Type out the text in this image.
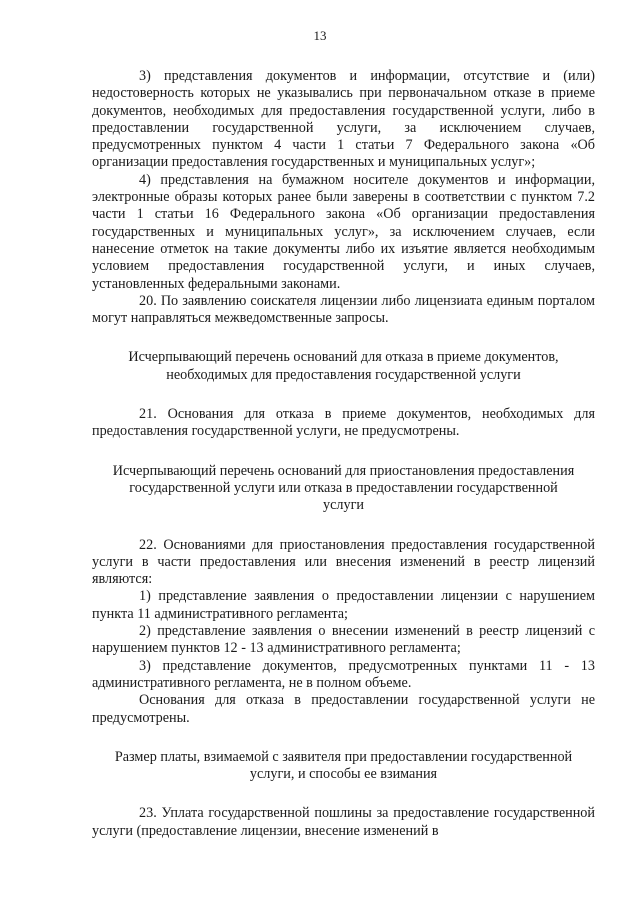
13

3) представления документов и информации, отсутствие и (или) недостоверность которых не указывались при первоначальном отказе в приеме документов, необходимых для предоставления государственной услуги, либо в предоставлении государственной услуги, за исключением случаев, предусмотренных пунктом 4 части 1 статьи 7 Федерального закона «Об организации предоставления государственных и муниципальных услуг»;

4) представления на бумажном носителе документов и информации, электронные образы которых ранее были заверены в соответствии с пунктом 7.2 части 1 статьи 16 Федерального закона «Об организации предоставления государственных и муниципальных услуг», за исключением случаев, если нанесение отметок на такие документы либо их изъятие является необходимым условием предоставления государственной услуги, и иных случаев, установленных федеральными законами.

20. По заявлению соискателя лицензии либо лицензиата единым порталом могут направляться межведомственные запросы.

Исчерпывающий перечень оснований для отказа в приеме документов, необходимых для предоставления государственной услуги

21. Основания для отказа в приеме документов, необходимых для предоставления государственной услуги, не предусмотрены.

Исчерпывающий перечень оснований для приостановления предоставления государственной услуги или отказа в предоставлении государственной услуги

22. Основаниями для приостановления предоставления государственной услуги в части предоставления или внесения изменений в реестр лицензий являются:

1) представление заявления о предоставлении лицензии с нарушением пункта 11 административного регламента;

2) представление заявления о внесении изменений в реестр лицензий с нарушением пунктов 12 - 13 административного регламента;

3) представление документов, предусмотренных пунктами 11 - 13 административного регламента, не в полном объеме.

Основания для отказа в предоставлении государственной услуги не предусмотрены.

Размер платы, взимаемой с заявителя при предоставлении государственной услуги, и способы ее взимания

23. Уплата государственной пошлины за предоставление государственной услуги (предоставление лицензии, внесение изменений в
